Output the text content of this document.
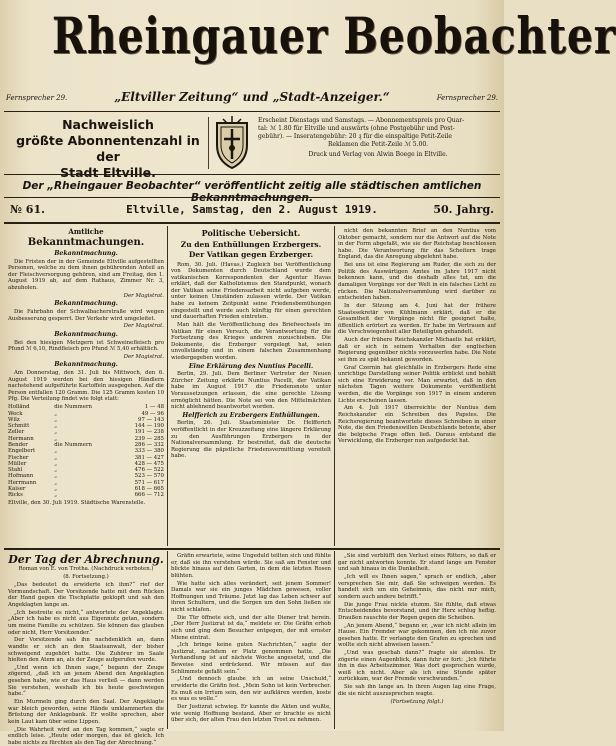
Rheingauer Beobachter
Fernsprecher 29.	Fernsprecher 29.
„Eltviller Zeitung“ und „Stadt-Anzeiger.“
Nachweislich
größte Abonnentenzahl in der
Stadt Eltville.
Erscheint Dienstags und Samstags. — Abonnementspreis pro Quar-
tal: ℳ 1.80 für Eltville und auswärts (ohne Postgebühr und Post-
gebühr). — Inseratengebühr: 20 ₰ für die einspaltige Petit-Zeile
Reklamen die Petit-Zeile ℳ 5.00.
Druck und Verlag von Alwin Boege in Eltville.
Der „Rheingauer Beobachter“ veröffentlicht zeitig alle städtischen amtlichen Bekanntmachungen.
№ 61.	Eltville, Samstag, den 2. August 1919.	50. Jahrg.
Amtliche
Bekanntmachungen.
Bekanntmachung.

Die Fristen der in der Gemeinde Eltville aufgestellten Personen, welche zu dem ihnen gebührenden Anteil an der Fleischversorgung gehören, sind am Freitag, den 1. August 1919 ab, auf dem Rathaus, Zimmer Nr. 3, abzuholen.

Der Magistrat.
Bekanntmachung.

Die Fahrbahn der Schwalbacherstraße wird wegen Ausbesserung gesperrt. Der Verkehr wird umgeleitet.

Der Magistrat.
Bekanntmachung.

Bei den hiesigen Metzgern ist Schweinefleisch pro Pfund ℳ 6,10, Rindfleisch pro Pfund ℳ 5,40 erhältlich.

Der Magistrat.
Bekanntmachung.

Am Donnerstag, den 31. Juli bis Mittwoch, den 6. August 1919 werden bei den hiesigen Händlern nachstehend aufgeführte Kartoffeln ausgegeben. Auf die Person entfallen 120 Gramm. Die 125 Gramm kosten 10 Pfg. Die Verteilung findet wie folgt statt:

Holländ	die Nummern	1 — 48
Weck	„	49 — 96
Wilz	„	97 — 143
Schmitt	„	144 — 190
Zeller	„	191 — 238
Hermann	„	239 — 285
Bender	die Nummern	286 — 332
Engelbert	„	333 — 380
Fischer	„	381 — 427
Müller	„	428 — 475
Stahl	„	476 — 522
Hofmann	„	523 — 570
Herrmann	„	571 — 617
Kaiser	„	618 — 665
Ricks	„	666 — 712

Eltville, den 30. Juli 1919. Städtische Warenstelle.

Politische Uebersicht.
Zu den Enthüllungen Erzbergers.
Der Vatikan gegen Erzberger.

Rom, 30. Juli. (Havas.) Zugleich bei Veröffentlichung von Dokumenten durch Deutschland wurde dem vatikanischen Korrespondenten der Agentur Havas erklärt, daß der Katholizismus den Standpunkt, wonach der Vatikan seine Friedensarbeit nicht aufgeben werde, unter keinen Umständen zulassen würde. Der Vatikan habe zu keinem Zeitpunkt seine Friedensbemühungen eingestellt und werde auch künftig für einen gerechten und dauerhaften Frieden eintreten.

Man hält die Veröffentlichung des Briefwechsels im Vatikan für einen Versuch, die Verantwortung für die Fortsetzung des Krieges anderen zuzuschieben. Die Dokumente, die Erzberger vorgelegt hat, seien unvollständig und in einem falschen Zusammenhang wiedergegeben worden.

Eine Erklärung des Nuntius Pacelli.

Berlin, 29. Juli. Dem Berliner Vertreter der Neuen Zürcher Zeitung erklärte Nuntius Pacelli, der Vatikan habe im August 1917 die Friedensnote unter Voraussetzungen erlassen, die eine gerechte Lösung ermöglicht hätten. Die Note sei von den Mittelmächten nicht ablehnend beantwortet worden.

Helfferich zu Erzbergers Enthüllungen.

Berlin, 26. Juli. Staatsminister Dr. Helfferich veröffentlicht in der Kreuzzeitung eine längere Erklärung zu den Ausführungen Erzbergers in der Nationalversammlung. Er bestreitet, daß die deutsche Regierung die päpstliche Friedensvermittlung vereitelt habe.

nicht den bekannten Brief an den Nuntius vom Oktober gemacht, sondern nur die Antwort auf die Note in der Form abgefaßt, wie sie der Reichstag beschlossen habe. Die Verantwortung für das Scheitern trage England, das die Anregung abgelehnt habe.

Bei uns ist eine Regierung am Ruder, die sich zu der Politik des Auswärtigen Amtes im Jahre 1917 nicht bekennen kann, und die deshalb alles tut, um die damaligen Vorgänge vor der Welt in ein falsches Licht zu rücken. Die Nationalversammlung wird darüber zu entscheiden haben.

In der Sitzung am 4. Juni hat der frühere Staatssekretär von Kühlmann erklärt, daß er die Gesamtheit der Vorgänge nicht für geeignet halte, öffentlich erörtert zu werden. Er habe im Vertrauen auf die Verschwiegenheit aller Beteiligten gehandelt.

Auch der frühere Reichskanzler Michaelis hat erklärt, daß er sich in seinem Verhalten der englischen Regierung gegenüber nichts vorzuwerfen habe. Die Note sei ihm zu spät bekannt geworden.

Graf Czernin hat gleichfalls in Erzbergers Rede eine unrichtige Darstellung seiner Politik erblickt und behält sich eine Erwiderung vor. Man erwartet, daß in den nächsten Tagen weitere Dokumente veröffentlicht werden, die die Vorgänge von 1917 in einem anderen Lichte erscheinen lassen.

Am 4. Juli 1917 überreichte der Nuntius dem Reichskanzler ein Schreiben des Papstes. Die Reichsregierung beantwortete dieses Schreiben in einer Note, die den Friedenswillen Deutschlands betonte, aber die belgische Frage offen ließ. Daraus entstand die Verwicklung, die Erzberger nun aufgedeckt hat.

Der Tag der Abrechnung.
Roman von E. von Trotha. (Nachdruck verboten.)
(8. Fortsetzung.)

„Das bedeutet du erwiderte ich ihm?“ rief der Vormundschaft. Der Vorsitzende hatte mit dem Rücken der Hand gegen die Tischplatte geklopft und sah den Angeklagten lange an.

„Ich bestreite es nicht,“ antwortete der Angeklagte. „Aber ich habe es nicht aus Eigennutz getan, sondern um meine Familie zu schützen. Sie können das glauben oder nicht, Herr Vorsitzender.“

Der Vorsitzende sah ihn nachdenklich an, dann wandte er sich an den Staatsanwalt, der bisher schweigend zugehört hatte. Die Zuhörer im Saale hielten den Atem an, als der Zeuge aufgerufen wurde.

„Und wenn ich Ihnen sage,“ begann der Zeuge zögernd, „daß ich an jenem Abend den Angeklagten gesehen habe, wie er das Haus verließ — dann werden Sie verstehen, weshalb ich bis heute geschwiegen habe.“

Ein Murmeln ging durch den Saal. Der Angeklagte war bleich geworden, seine Hände umklammerten die Brüstung der Anklagebank. Er wollte sprechen, aber kein Laut kam über seine Lippen.

„Die Wahrheit wird an den Tag kommen,“ sagte er endlich leise. „Heute oder morgen, das ist gleich. Ich habe nichts zu fürchten als den Tag der Abrechnung.“

Gräfin erwartete, seine Ungeduld teilten sich und fühlte er, daß sie ihn verstehen würde. Sie saß am Fenster und blickte hinaus auf den Garten, in dem die letzten Rosen blühten.

Wie hatte sich alles verändert, seit jenem Sommer! Damals war sie ein junges Mädchen gewesen, voller Hoffnungen und Träume. Jetzt lag das Leben schwer auf ihren Schultern, und die Sorgen um den Sohn ließen sie nicht schlafen.

Die Tür öffnete sich, und der alte Diener trat herein. „Der Herr Justizrat ist da,“ meldete er. Die Gräfin erhob sich und ging dem Besucher entgegen, der mit ernster Miene eintrat.

„Ich bringe keine guten Nachrichten,“ sagte der Justizrat, nachdem er Platz genommen hatte. „Die Verhandlung ist auf nächste Woche angesetzt, und die Beweise sind erdrückend. Wir müssen auf das Schlimmste gefaßt sein.“

„Und dennoch glaube ich an seine Unschuld,“ erwiderte die Gräfin fest. „Mein Sohn ist kein Verbrecher. Es muß ein Irrtum sein, den wir aufklären werden, koste es was es wolle.“

Der Justizrat schwieg. Er kannte die Akten und wußte, wie wenig Hoffnung bestand. Aber er brachte es nicht über sich, der alten Frau den letzten Trost zu nehmen.

„Sie sind verblüfft den Verlust eines Ritters, so daß er gar nicht antworten konnte. Er stand lange am Fenster und sah hinaus in die Dunkelheit.

„Ich will es Ihnen sagen,“ sprach er endlich, „aber versprechen Sie mir, daß Sie schweigen werden. Es handelt sich um ein Geheimnis, das nicht nur mich, sondern auch andere betrifft.“

Die junge Frau nickte stumm. Sie fühlte, daß etwas Entscheidendes bevorstand, und ihr Herz schlug heftig. Draußen rauschte der Regen gegen die Scheiben.

„An jenem Abend,“ begann er, „war ich nicht allein im Hause. Ein Fremder war gekommen, den ich nie zuvor gesehen hatte. Er verlangte den Grafen zu sprechen und wollte sich nicht abweisen lassen.“

„Und was geschah dann?“ fragte sie atemlos. Er zögerte einen Augenblick, dann fuhr er fort: „Ich führte ihn in das Arbeitszimmer. Was dort gesprochen wurde, weiß ich nicht. Aber als ich eine Stunde später zurückkam, war der Fremde verschwunden.“

Sie sah ihn lange an. In ihren Augen lag eine Frage, die sie nicht auszusprechen wagte.

(Fortsetzung folgt.)
